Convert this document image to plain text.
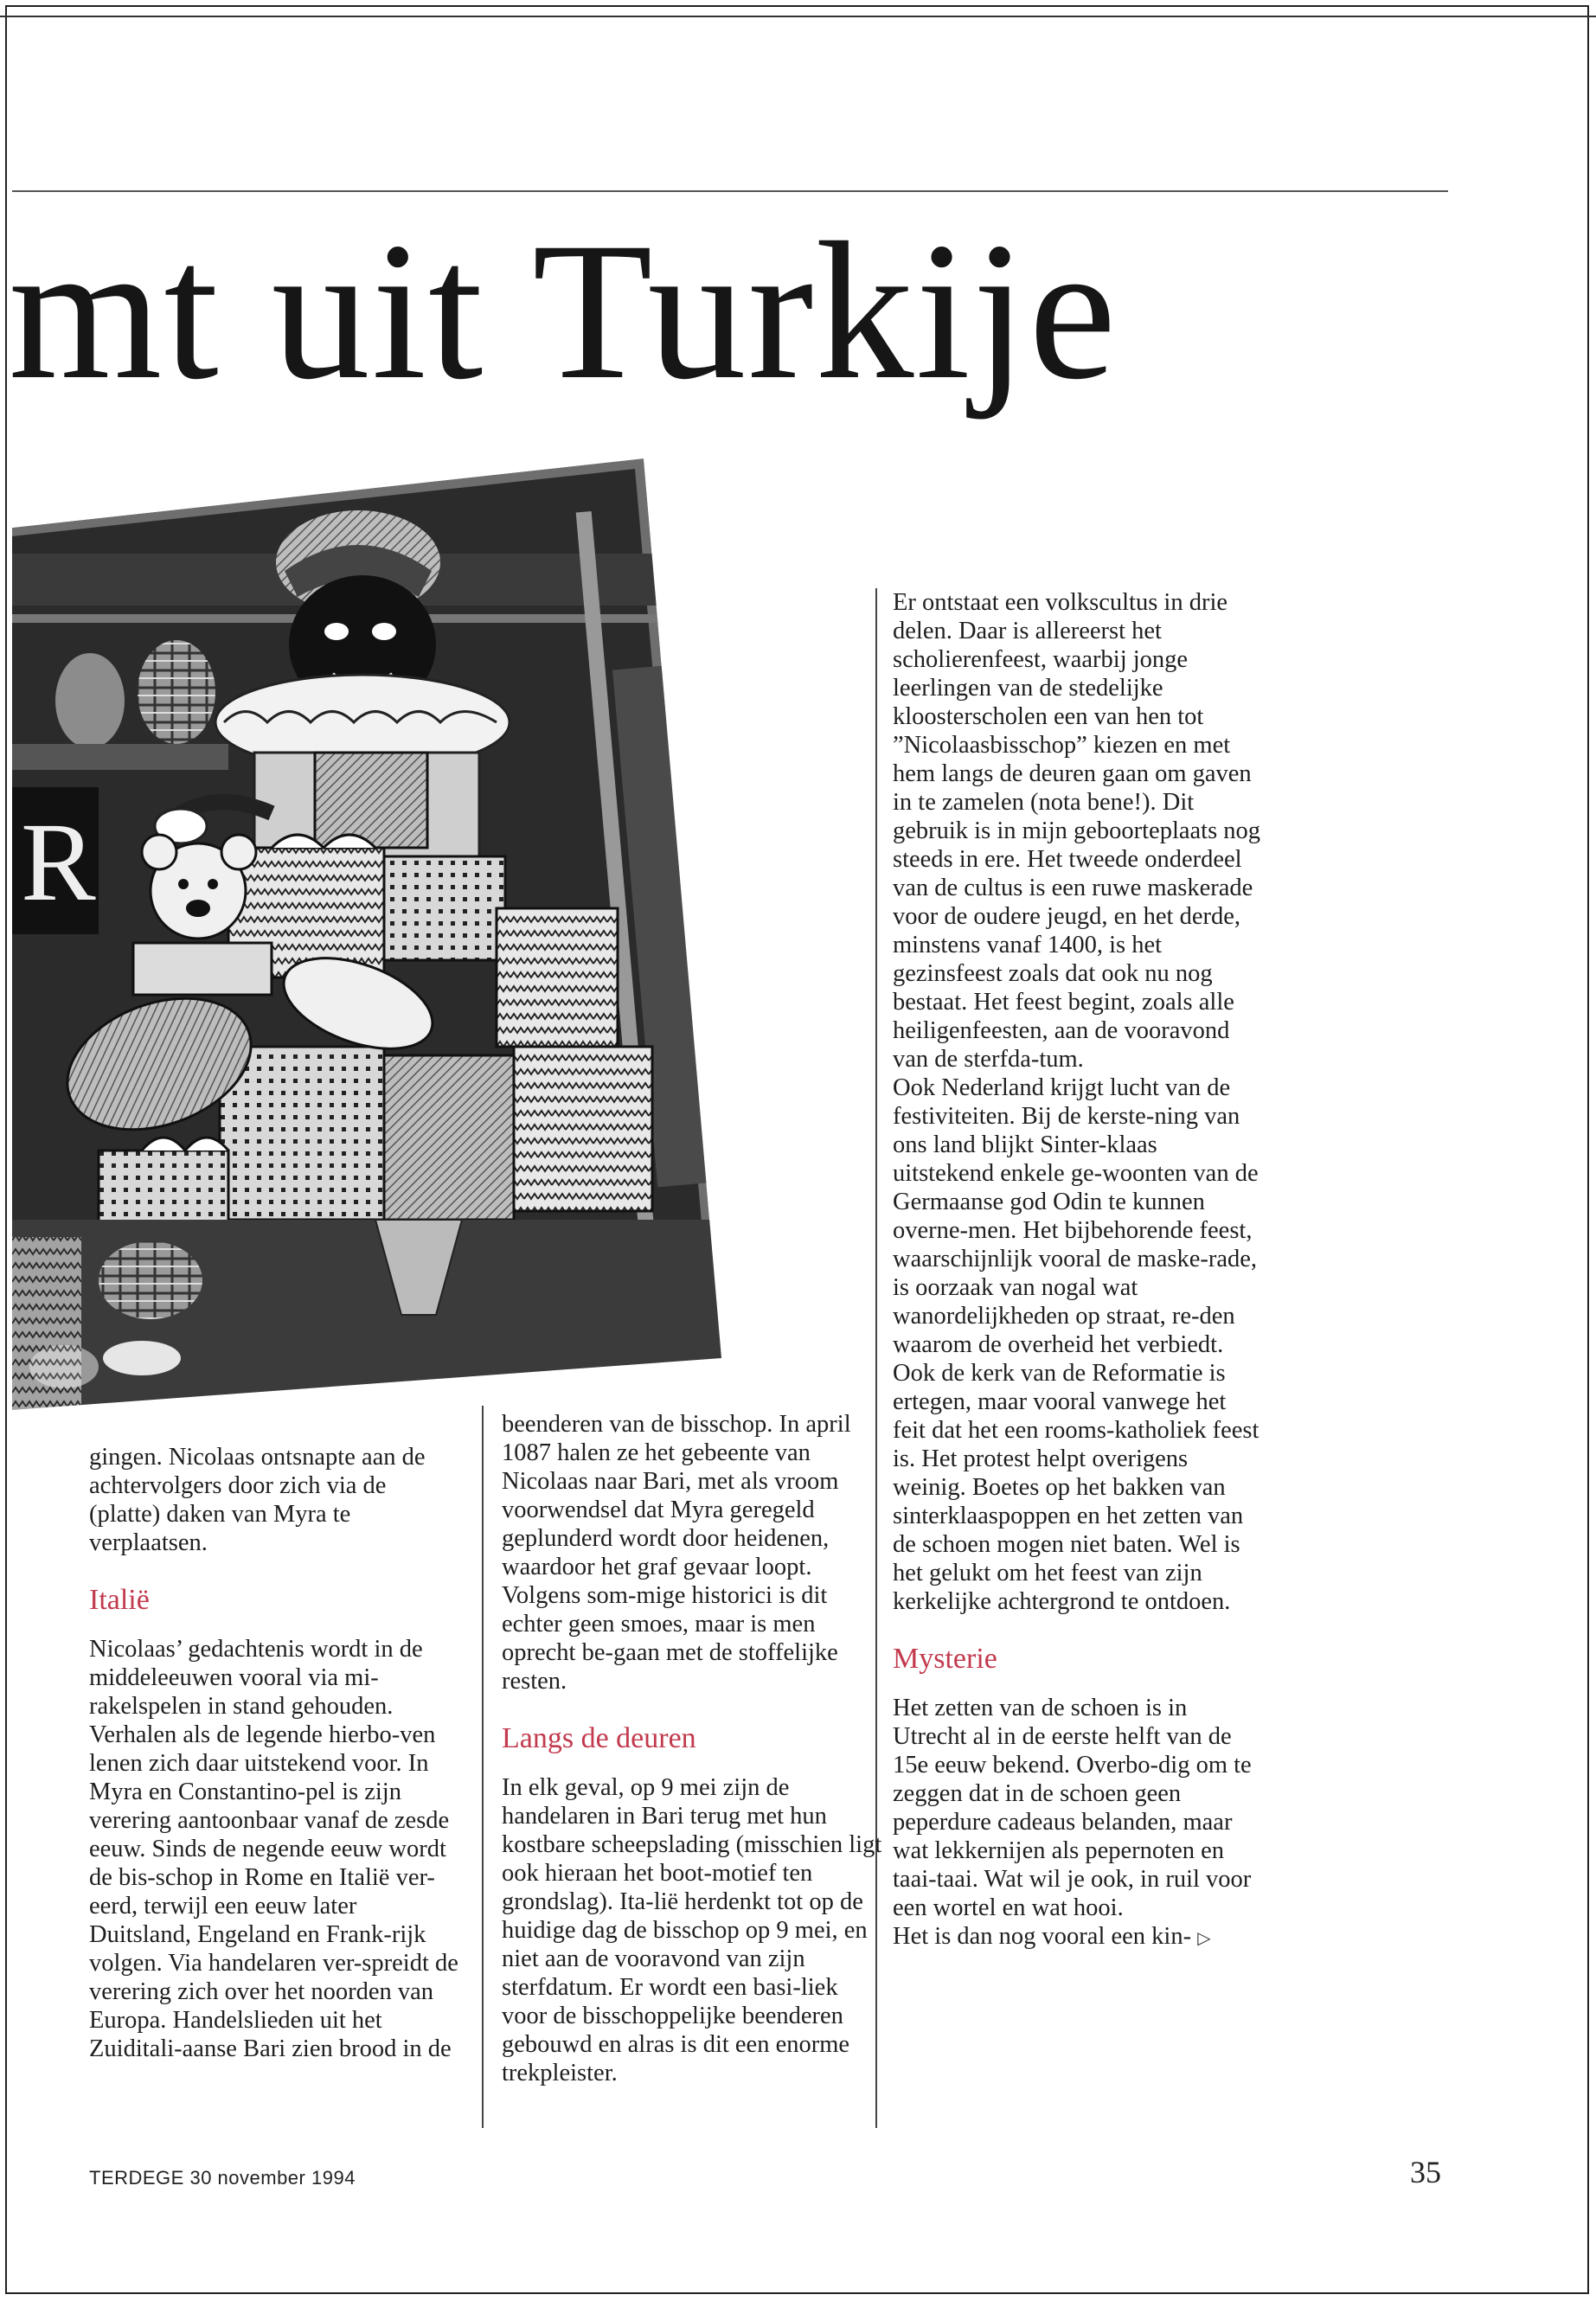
mt uit Turkije
R

gingen. Nicolaas ontsnapte aan de achtervolgers door zich via de (platte) daken van Myra te verplaatsen.

Italië

Nicolaas’ gedachtenis wordt in de middeleeuwen vooral via mi-rakelspelen in stand gehouden. Verhalen als de legende hierbo-ven lenen zich daar uitstekend voor. In Myra en Constantino-pel is zijn verering aantoonbaar vanaf de zesde eeuw. Sinds de negende eeuw wordt de bis-schop in Rome en Italië ver-eerd, terwijl een eeuw later Duitsland, Engeland en Frank-rijk volgen. Via handelaren ver-spreidt de verering zich over het noorden van Europa. Handelslieden uit het Zuiditali-aanse Bari zien brood in de

beenderen van de bisschop. In april 1087 halen ze het gebeente van Nicolaas naar Bari, met als vroom voorwendsel dat Myra geregeld geplunderd wordt door heidenen, waardoor het graf gevaar loopt. Volgens som-mige historici is dit echter geen smoes, maar is men oprecht be-gaan met de stoffelijke resten.

Langs de deuren

In elk geval, op 9 mei zijn de handelaren in Bari terug met hun kostbare scheepslading (misschien ligt ook hieraan het boot-motief ten grondslag). Ita-lië herdenkt tot op de huidige dag de bisschop op 9 mei, en niet aan de vooravond van zijn sterfdatum. Er wordt een basi-liek voor de bisschoppelijke beenderen gebouwd en alras is dit een enorme trekpleister.

Er ontstaat een volkscultus in drie delen. Daar is allereerst het scholierenfeest, waarbij jonge leerlingen van de stedelijke kloosterscholen een van hen tot ”Nicolaasbisschop” kiezen en met hem langs de deuren gaan om gaven in te zamelen (nota bene!). Dit gebruik is in mijn geboorteplaats nog steeds in ere. Het tweede onderdeel van de cultus is een ruwe maskerade voor de oudere jeugd, en het derde, minstens vanaf 1400, is het gezinsfeest zoals dat ook nu nog bestaat. Het feest begint, zoals alle heiligenfeesten, aan de vooravond van de sterfda-tum.

Ook Nederland krijgt lucht van de festiviteiten. Bij de kerste-ning van ons land blijkt Sinter-klaas uitstekend enkele ge-woonten van de Germaanse god Odin te kunnen overne-men. Het bijbehorende feest, waarschijnlijk vooral de maske-rade, is oorzaak van nogal wat wanordelijkheden op straat, re-den waarom de overheid het verbiedt. Ook de kerk van de Reformatie is ertegen, maar vooral vanwege het feit dat het een rooms-katholiek feest is. Het protest helpt overigens weinig. Boetes op het bakken van sinterklaaspoppen en het zetten van de schoen mogen niet baten. Wel is het gelukt om het feest van zijn kerkelijke achtergrond te ontdoen.

Mysterie

Het zetten van de schoen is in Utrecht al in de eerste helft van de 15e eeuw bekend. Overbo-dig om te zeggen dat in de schoen geen peperdure cadeaus belanden, maar wat lekkernijen als pepernoten en taai-taai. Wat wil je ook, in ruil voor een wortel en wat hooi.

Het is dan nog vooral een kin- ▷

TERDEGE 30 november 1994	35
